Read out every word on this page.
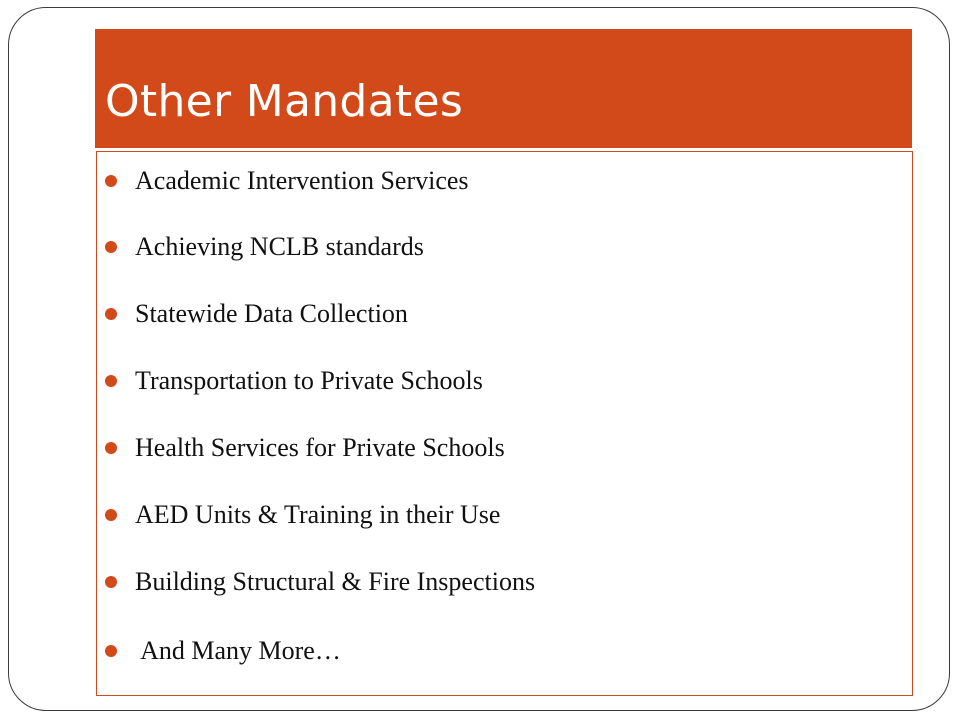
Other Mandates
Academic Intervention Services
Achieving NCLB standards
Statewide Data Collection
Transportation to Private Schools
Health Services for Private Schools
AED Units & Training in their Use
Building Structural & Fire Inspections
And Many More…
